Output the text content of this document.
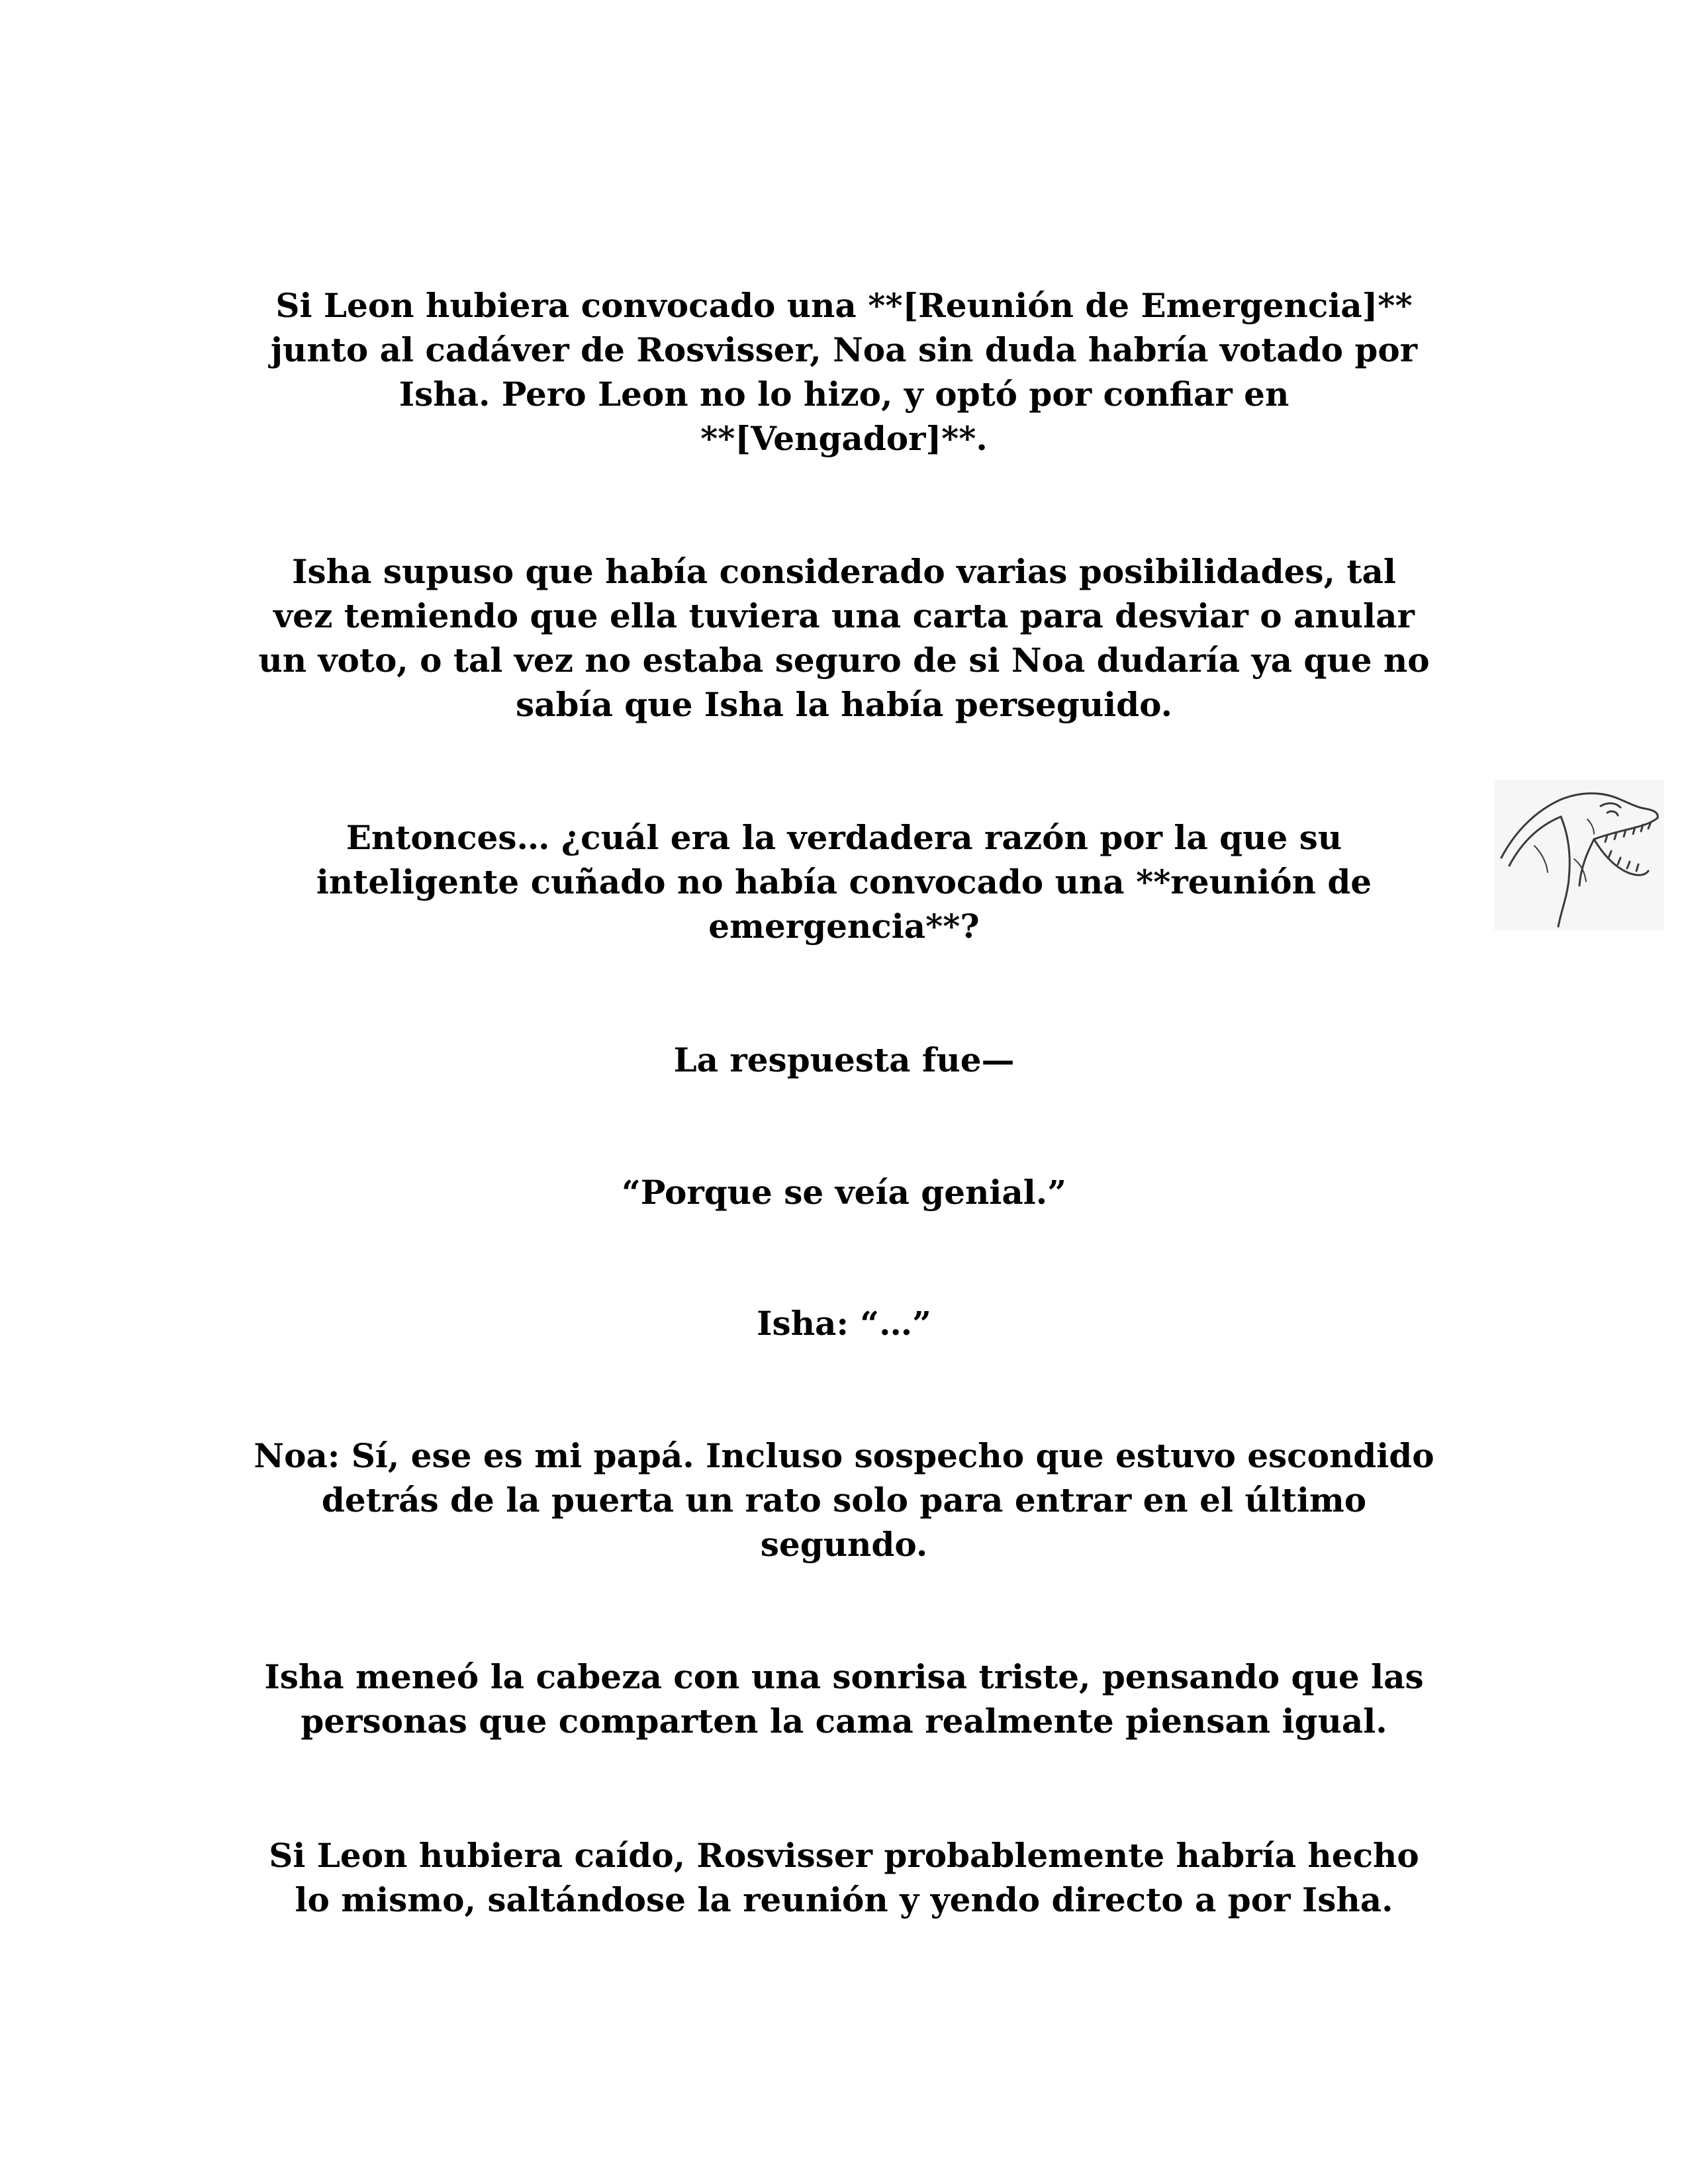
Si Leon hubiera convocado una **[Reunión de Emergencia]**
junto al cadáver de Rosvisser, Noa sin duda habría votado por
Isha. Pero Leon no lo hizo, y optó por confiar en
**[Vengador]**.

Isha supuso que había considerado varias posibilidades, tal
vez temiendo que ella tuviera una carta para desviar o anular
un voto, o tal vez no estaba seguro de si Noa dudaría ya que no
sabía que Isha la había perseguido.

Entonces… ¿cuál era la verdadera razón por la que su
inteligente cuñado no había convocado una **reunión de
emergencia**?

La respuesta fue—

“Porque se veía genial.”

Isha: “…”

Noa: Sí, ese es mi papá. Incluso sospecho que estuvo escondido
detrás de la puerta un rato solo para entrar en el último
segundo.

Isha meneó la cabeza con una sonrisa triste, pensando que las
personas que comparten la cama realmente piensan igual.

Si Leon hubiera caído, Rosvisser probablemente habría hecho
lo mismo, saltándose la reunión y yendo directo a por Isha.
